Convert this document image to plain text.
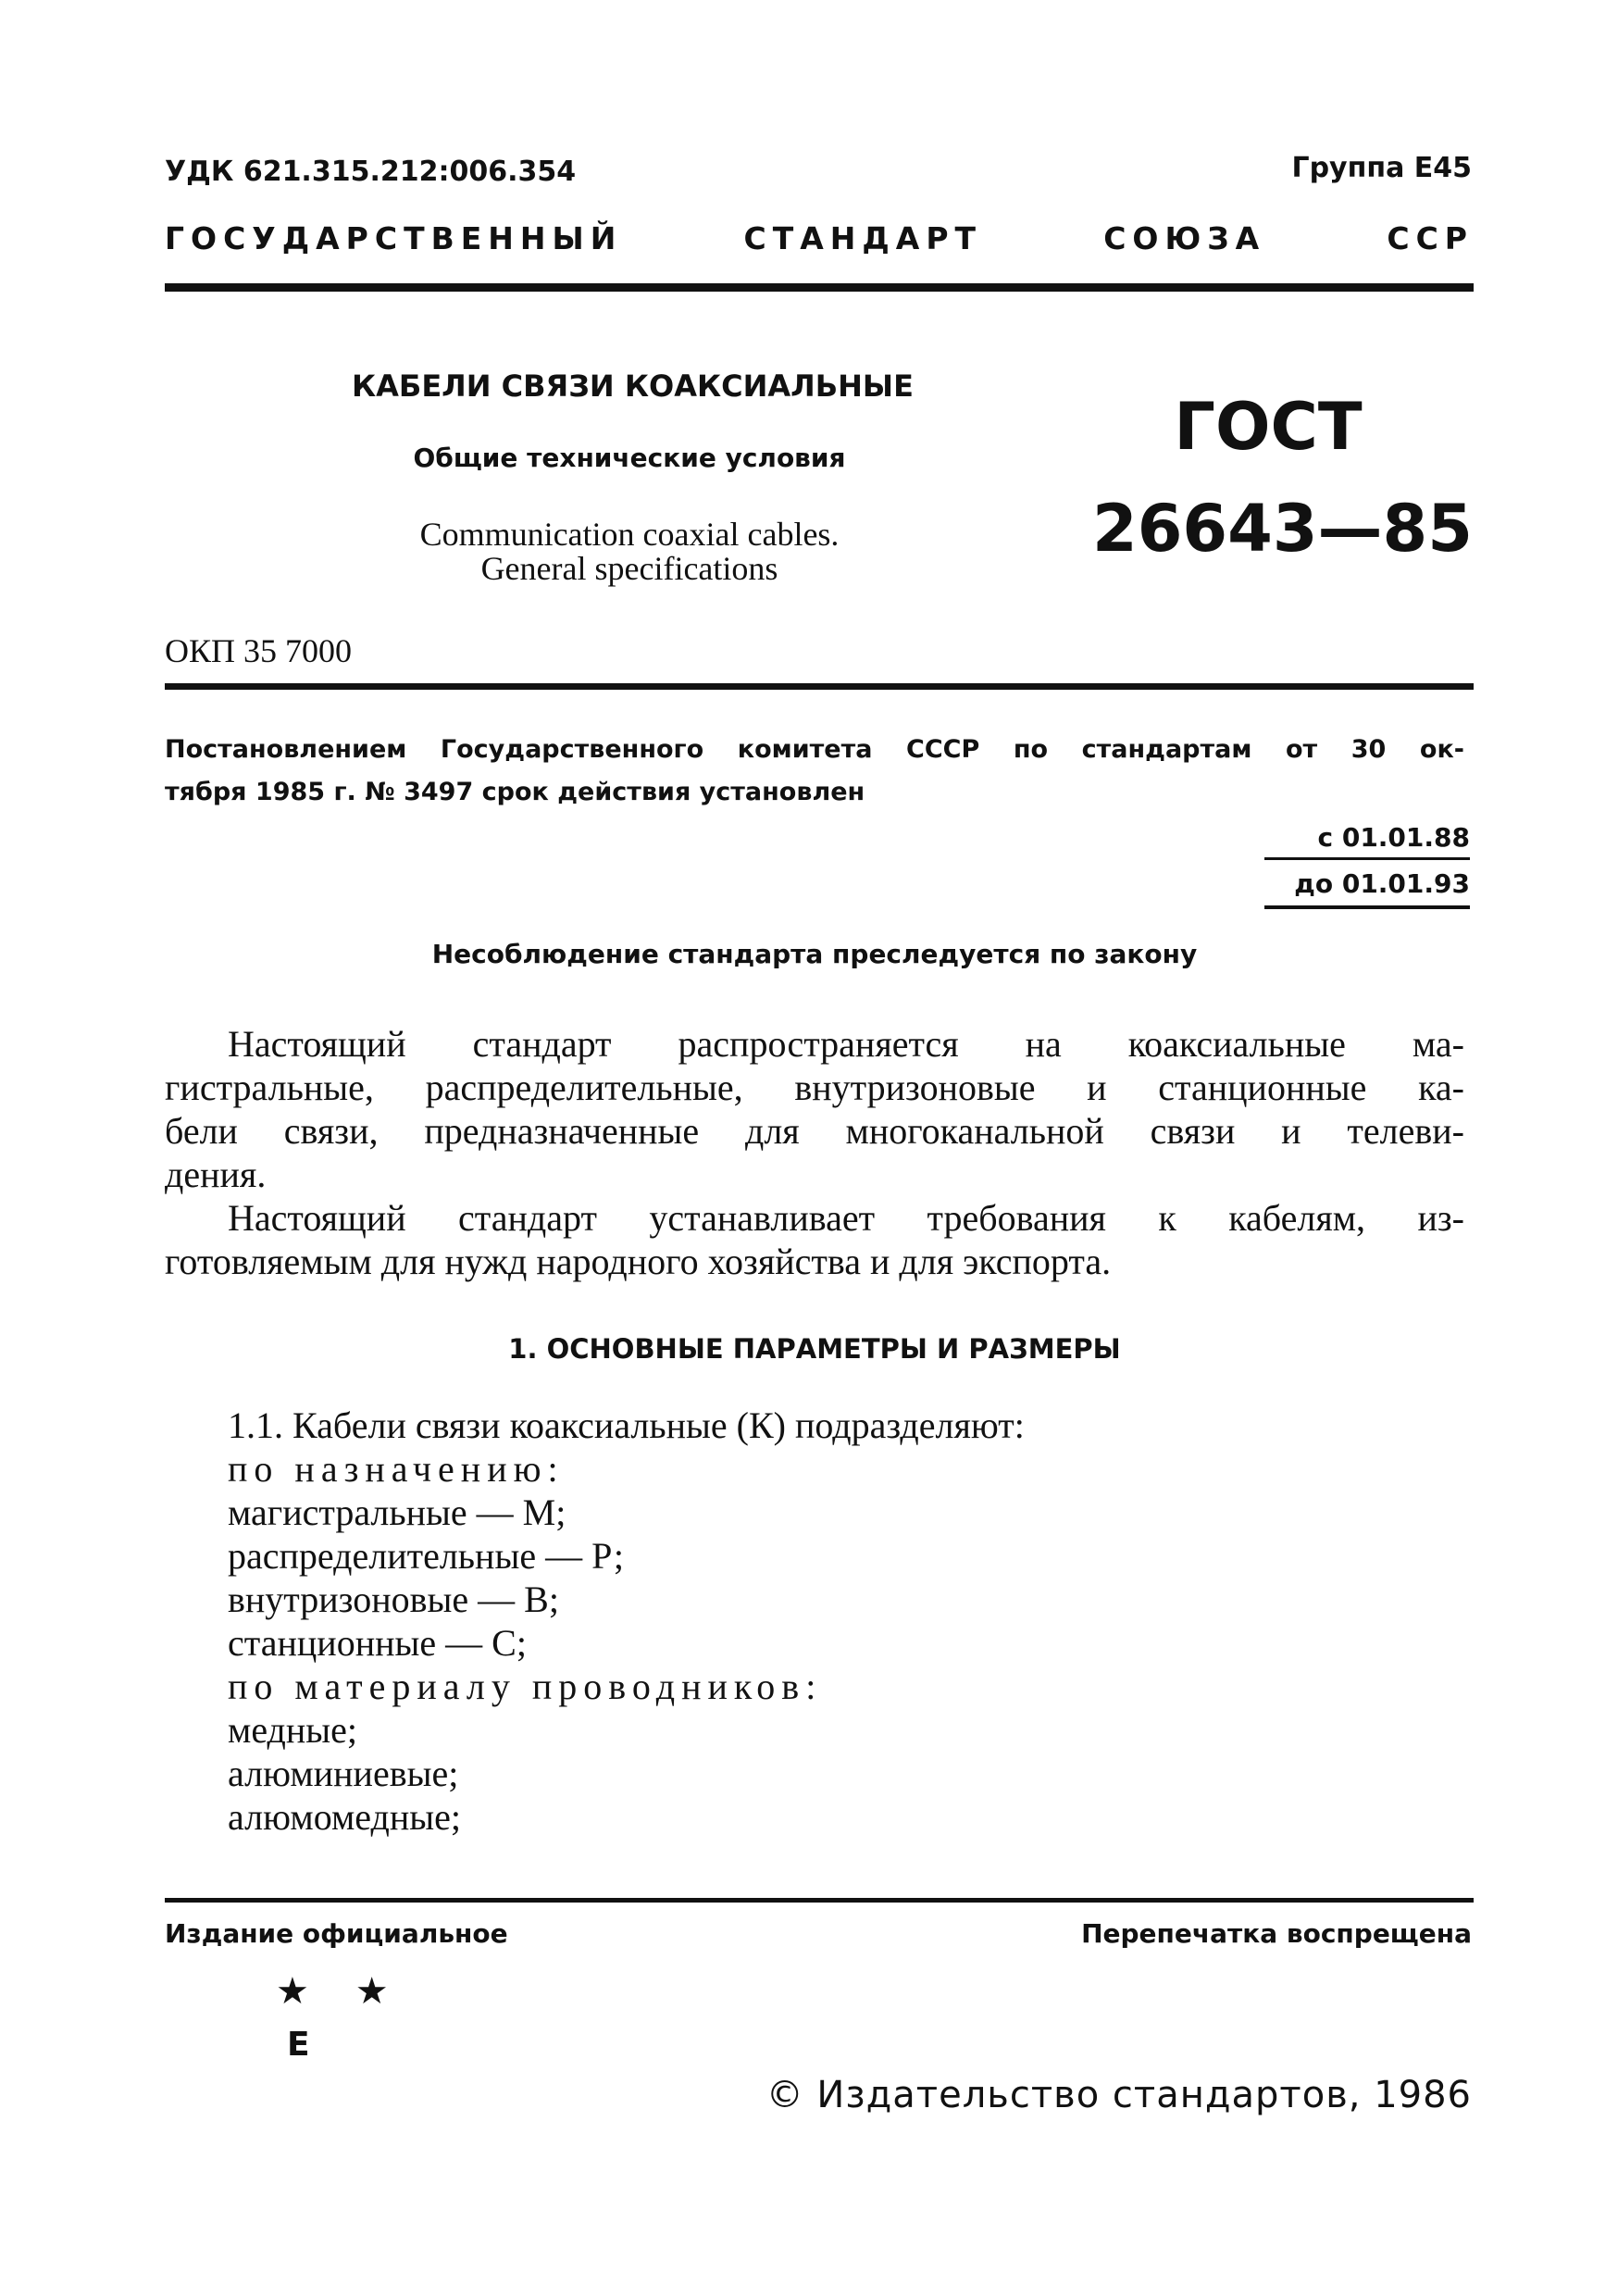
УДК 621.315.212:006.354	Группа Е45
ГОСУДАРСТВЕННЫЙ	СТАНДАРТ	СОЮЗА	ССР
КАБЕЛИ СВЯЗИ КОАКСИАЛЬНЫЕ
Общие технические условия
Communication coaxial cables.
General specifications
ГОСТ
26643—85
ОКП 35 7000
Постановлением Государственного комитета СССР по стандартам от 30 ок-
тября 1985 г. № 3497 срок действия установлен
с 01.01.88
до 01.01.93
Несоблюдение стандарта преследуется по закону
Настоящий стандарт распространяется на коаксиальные ма-
гистральные, распределительные, внутризоновые и станционные ка-
бели связи, предназначенные для многоканальной связи и телеви-
дения.
Настоящий стандарт устанавливает требования к кабелям, из-
готовляемым для нужд народного хозяйства и для экспорта.
1. ОСНОВНЫЕ ПАРАМЕТРЫ И РАЗМЕРЫ
1.1. Кабели связи коаксиальные (К) подразделяют:
по назначению:
магистральные — М;
распределительные — Р;
внутризоновые — В;
станционные — С;
по материалу проводников:
медные;
алюминиевые;
алюмомедные;
Издание официальное	Перепечатка воспрещена
★ ★
Е
© Издательство стандартов, 1986
